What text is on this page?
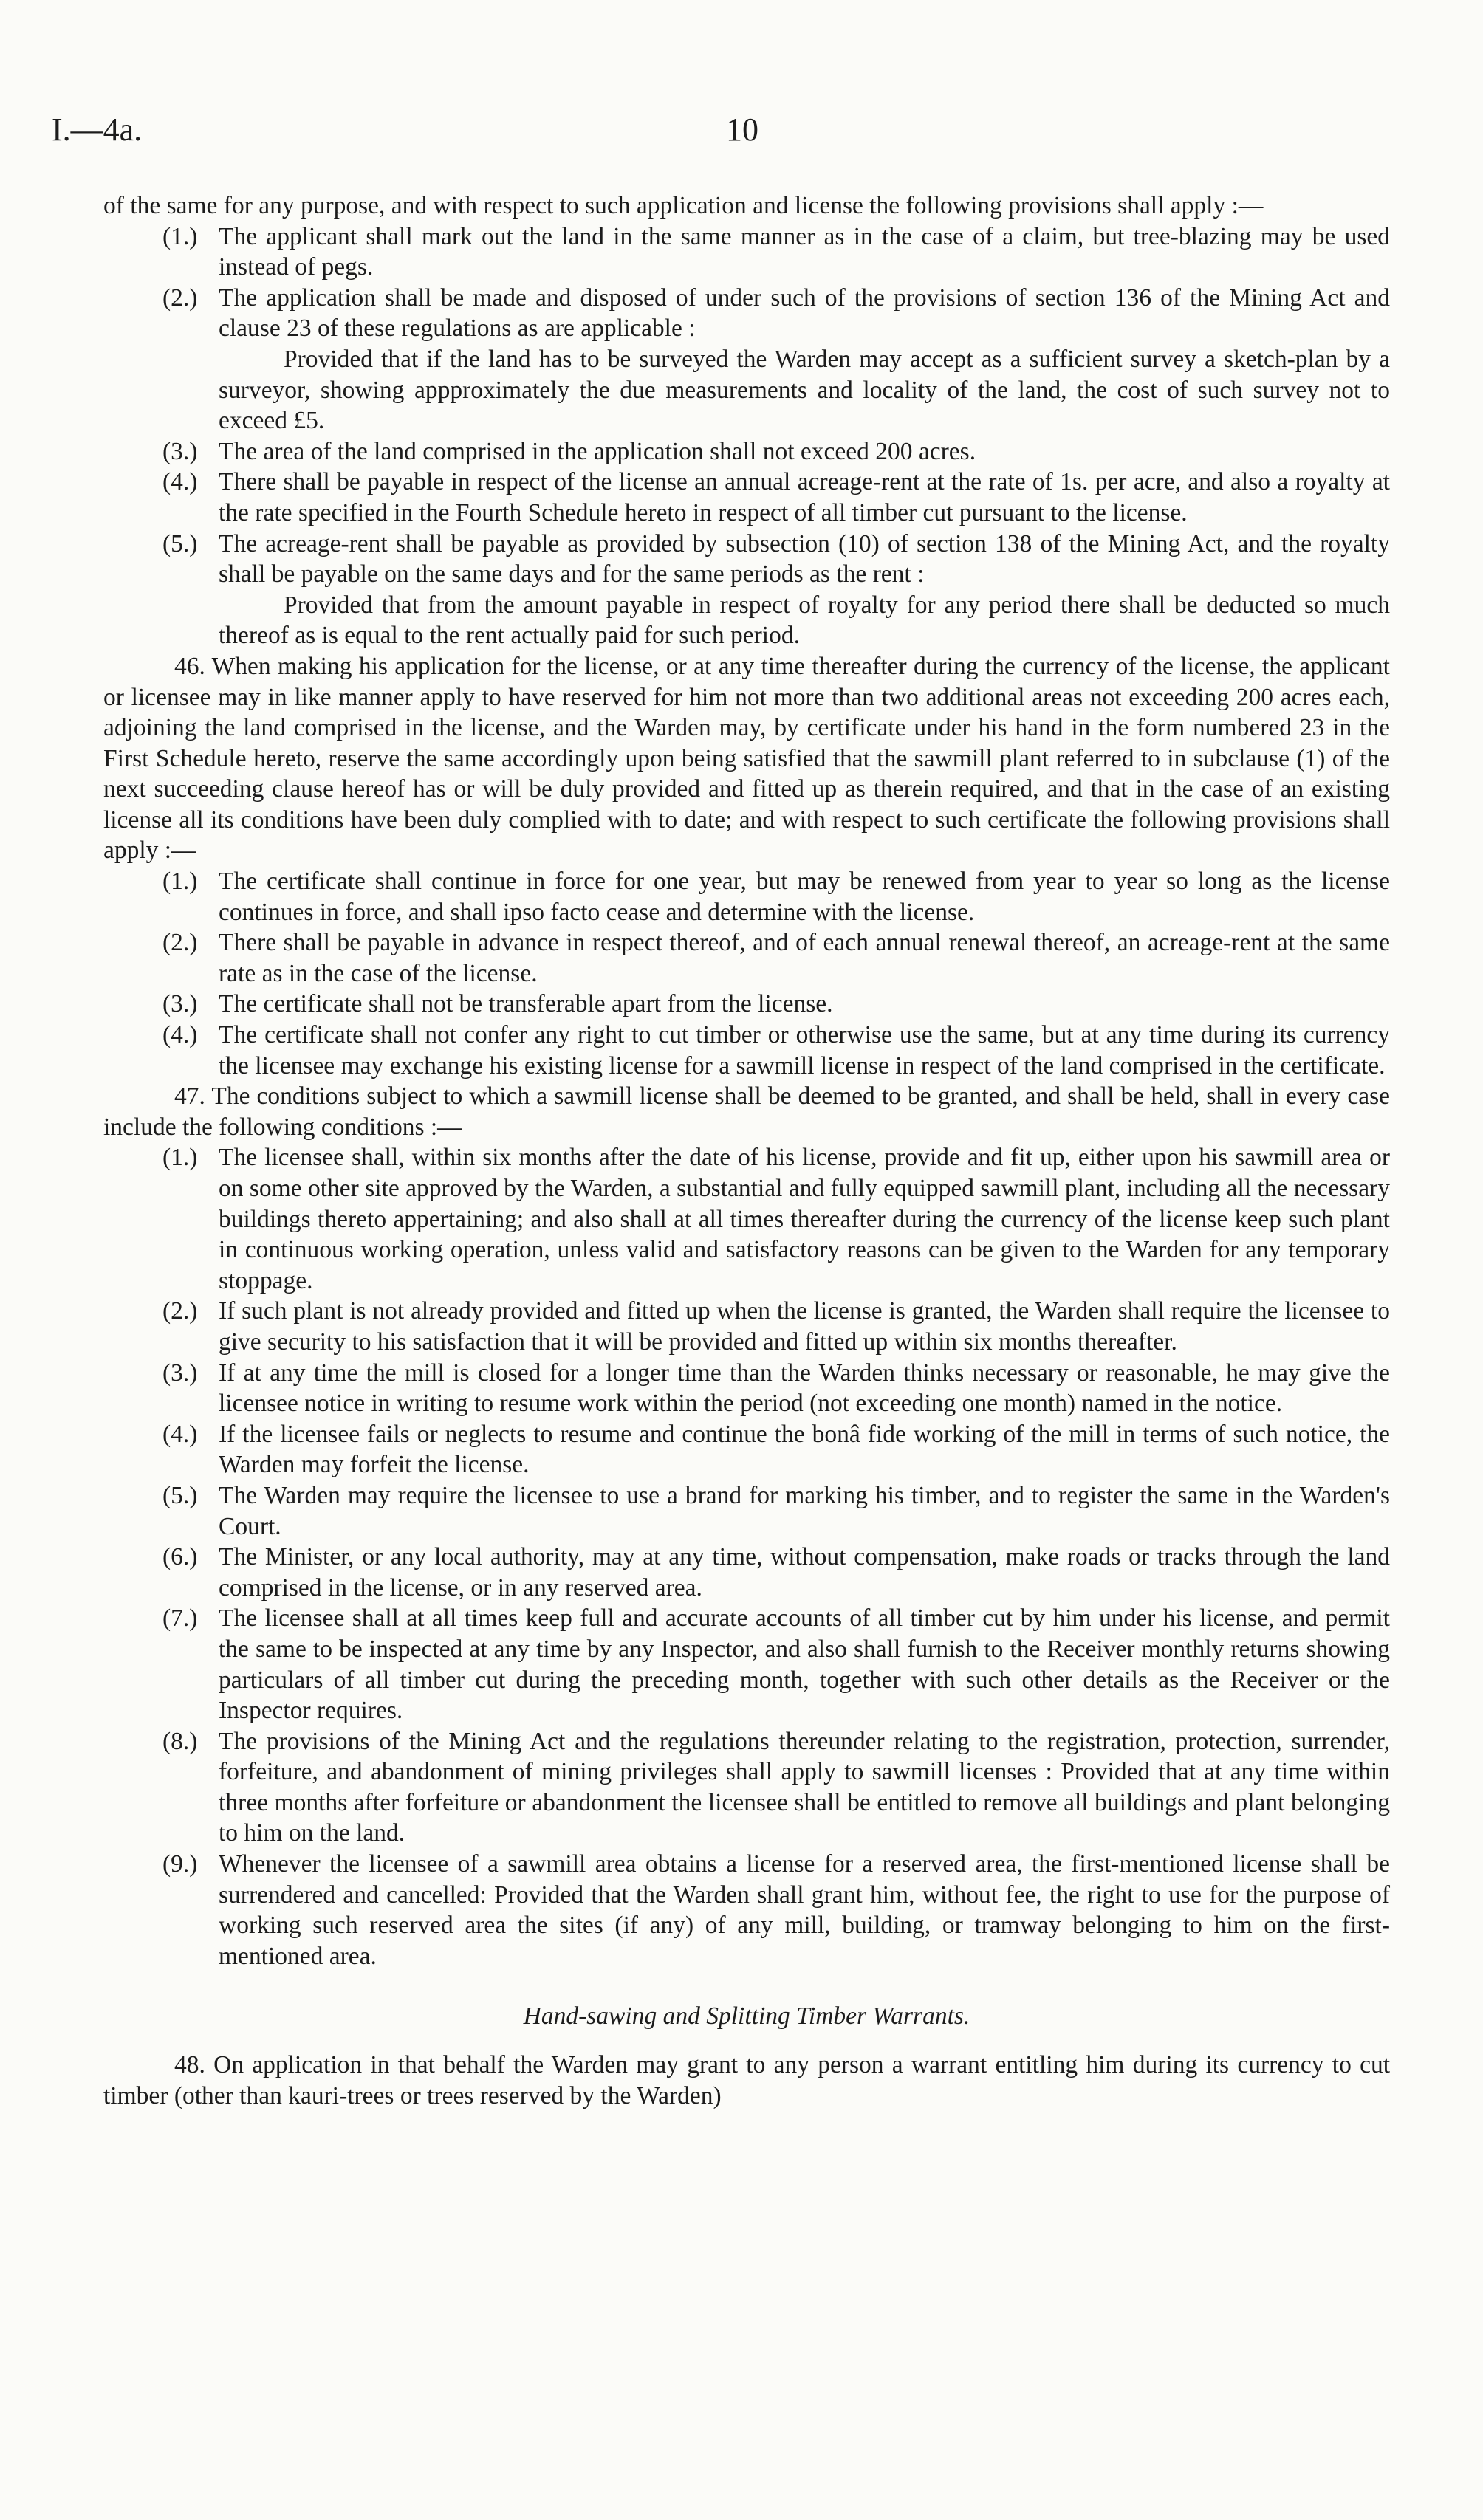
I.—4a.	10

of the same for any purpose, and with respect to such application and license the following provisions shall apply :—

(1.) The applicant shall mark out the land in the same manner as in the case of a claim, but tree-blazing may be used instead of pegs.
(2.) The application shall be made and disposed of under such of the provisions of section 136 of the Mining Act and clause 23 of these regulations as are applicable :

Provided that if the land has to be surveyed the Warden may accept as a sufficient survey a sketch-plan by a surveyor, showing appproximately the due measurements and locality of the land, the cost of such survey not to exceed £5.

(3.) The area of the land comprised in the application shall not exceed 200 acres.
(4.) There shall be payable in respect of the license an annual acreage-rent at the rate of 1s. per acre, and also a royalty at the rate specified in the Fourth Schedule hereto in respect of all timber cut pursuant to the license.
(5.) The acreage-rent shall be payable as provided by subsection (10) of section 138 of the Mining Act, and the royalty shall be payable on the same days and for the same periods as the rent :

Provided that from the amount payable in respect of royalty for any period there shall be deducted so much thereof as is equal to the rent actually paid for such period.

46. When making his application for the license, or at any time thereafter during the currency of the license, the applicant or licensee may in like manner apply to have reserved for him not more than two additional areas not exceeding 200 acres each, adjoining the land comprised in the license, and the Warden may, by certificate under his hand in the form numbered 23 in the First Schedule hereto, reserve the same accordingly upon being satisfied that the sawmill plant referred to in subclause (1) of the next succeeding clause hereof has or will be duly provided and fitted up as therein required, and that in the case of an existing license all its conditions have been duly complied with to date; and with respect to such certificate the following provisions shall apply :—

(1.) The certificate shall continue in force for one year, but may be renewed from year to year so long as the license continues in force, and shall ipso facto cease and determine with the license.
(2.) There shall be payable in advance in respect thereof, and of each annual renewal thereof, an acreage-rent at the same rate as in the case of the license.
(3.) The certificate shall not be transferable apart from the license.
(4.) The certificate shall not confer any right to cut timber or otherwise use the same, but at any time during its currency the licensee may exchange his existing license for a sawmill license in respect of the land comprised in the certificate.

47. The conditions subject to which a sawmill license shall be deemed to be granted, and shall be held, shall in every case include the following conditions :—

(1.) The licensee shall, within six months after the date of his license, provide and fit up, either upon his sawmill area or on some other site approved by the Warden, a substantial and fully equipped sawmill plant, including all the necessary buildings thereto appertaining; and also shall at all times thereafter during the currency of the license keep such plant in continuous working operation, unless valid and satisfactory reasons can be given to the Warden for any temporary stoppage.
(2.) If such plant is not already provided and fitted up when the license is granted, the Warden shall require the licensee to give security to his satisfaction that it will be provided and fitted up within six months thereafter.
(3.) If at any time the mill is closed for a longer time than the Warden thinks necessary or reasonable, he may give the licensee notice in writing to resume work within the period (not exceeding one month) named in the notice.
(4.) If the licensee fails or neglects to resume and continue the bonâ fide working of the mill in terms of such notice, the Warden may forfeit the license.
(5.) The Warden may require the licensee to use a brand for marking his timber, and to register the same in the Warden's Court.
(6.) The Minister, or any local authority, may at any time, without compensation, make roads or tracks through the land comprised in the license, or in any reserved area.
(7.) The licensee shall at all times keep full and accurate accounts of all timber cut by him under his license, and permit the same to be inspected at any time by any Inspector, and also shall furnish to the Receiver monthly returns showing particulars of all timber cut during the preceding month, together with such other details as the Receiver or the Inspector requires.
(8.) The provisions of the Mining Act and the regulations thereunder relating to the registration, protection, surrender, forfeiture, and abandonment of mining privileges shall apply to sawmill licenses : Provided that at any time within three months after forfeiture or abandonment the licensee shall be entitled to remove all buildings and plant belonging to him on the land.
(9.) Whenever the licensee of a sawmill area obtains a license for a reserved area, the first-mentioned license shall be surrendered and cancelled: Provided that the Warden shall grant him, without fee, the right to use for the purpose of working such reserved area the sites (if any) of any mill, building, or tramway belonging to him on the first-mentioned area.

Hand-sawing and Splitting Timber Warrants.

48. On application in that behalf the Warden may grant to any person a warrant entitling him during its currency to cut timber (other than kauri-trees or trees reserved by the Warden)
